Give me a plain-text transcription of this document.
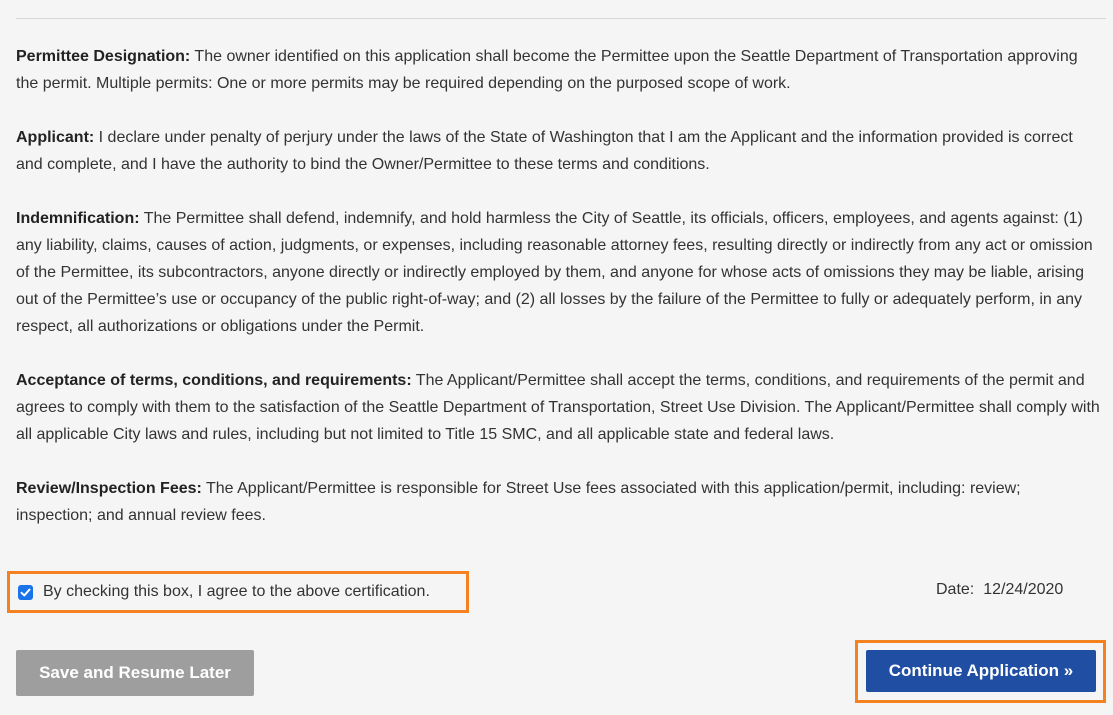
Permittee Designation: The owner identified on this application shall become the Permittee upon the Seattle Department of Transportation approving the permit. Multiple permits: One or more permits may be required depending on the purposed scope of work.

Applicant: I declare under penalty of perjury under the laws of the State of Washington that I am the Applicant and the information provided is correct and complete, and I have the authority to bind the Owner/Permittee to these terms and conditions.

Indemnification: The Permittee shall defend, indemnify, and hold harmless the City of Seattle, its officials, officers, employees, and agents against: (1) any liability, claims, causes of action, judgments, or expenses, including reasonable attorney fees, resulting directly or indirectly from any act or omission of the Permittee, its subcontractors, anyone directly or indirectly employed by them, and anyone for whose acts of omissions they may be liable, arising out of the Permittee’s use or occupancy of the public right-of-way; and (2) all losses by the failure of the Permittee to fully or adequately perform, in any respect, all authorizations or obligations under the Permit.

Acceptance of terms, conditions, and requirements: The Applicant/Permittee shall accept the terms, conditions, and requirements of the permit and agrees to comply with them to the satisfaction of the Seattle Department of Transportation, Street Use Division. The Applicant/Permittee shall comply with all applicable City laws and rules, including but not limited to Title 15 SMC, and all applicable state and federal laws.

Review/Inspection Fees: The Applicant/Permittee is responsible for Street Use fees associated with this application/permit, including: review; inspection; and annual review fees.

By checking this box, I agree to the above certification.	Date: 12/24/2020
Save and Resume Later	Continue Application »
